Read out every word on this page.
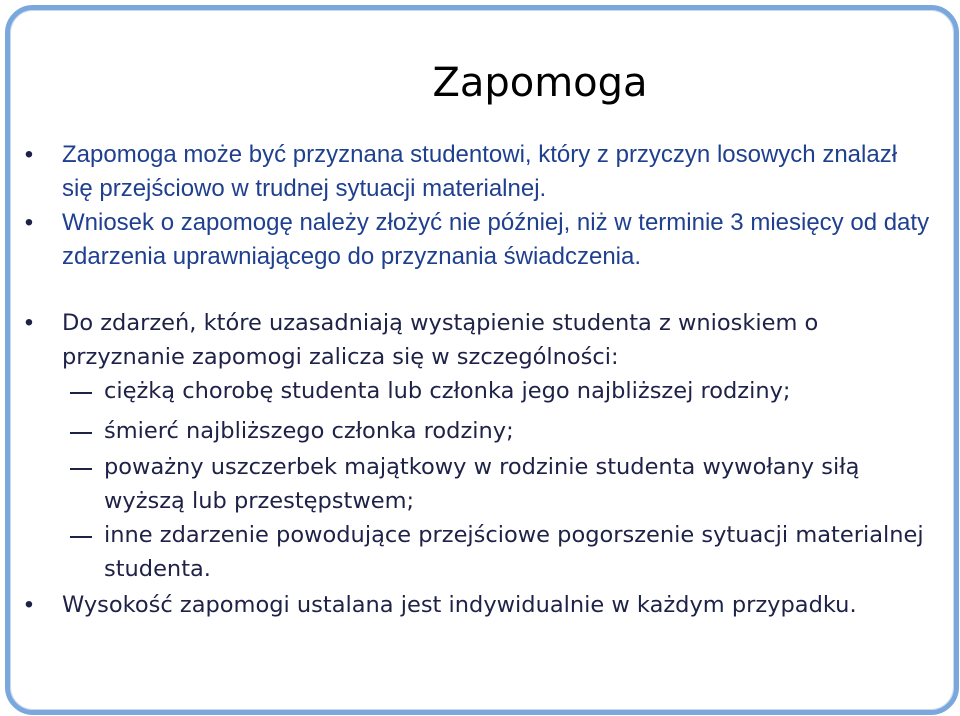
Zapomoga
• Zapomoga może być przyznana studentowi, który z przyczyn losowych znalazł się przejściowo w trudnej sytuacji materialnej.
• Wniosek o zapomogę należy złożyć nie później, niż w terminie 3 miesięcy od daty zdarzenia uprawniającego do przyznania świadczenia.
• Do zdarzeń, które uzasadniają wystąpienie studenta z wnioskiem o przyznanie zapomogi zalicza się w szczególności:
ciężką chorobę studenta lub członka jego najbliższej rodziny;
śmierć najbliższego członka rodziny;
poważny uszczerbek majątkowy w rodzinie studenta wywołany siłą wyższą lub przestępstwem;
inne zdarzenie powodujące przejściowe pogorszenie sytuacji materialnej studenta.
• Wysokość zapomogi ustalana jest indywidualnie w każdym przypadku.
